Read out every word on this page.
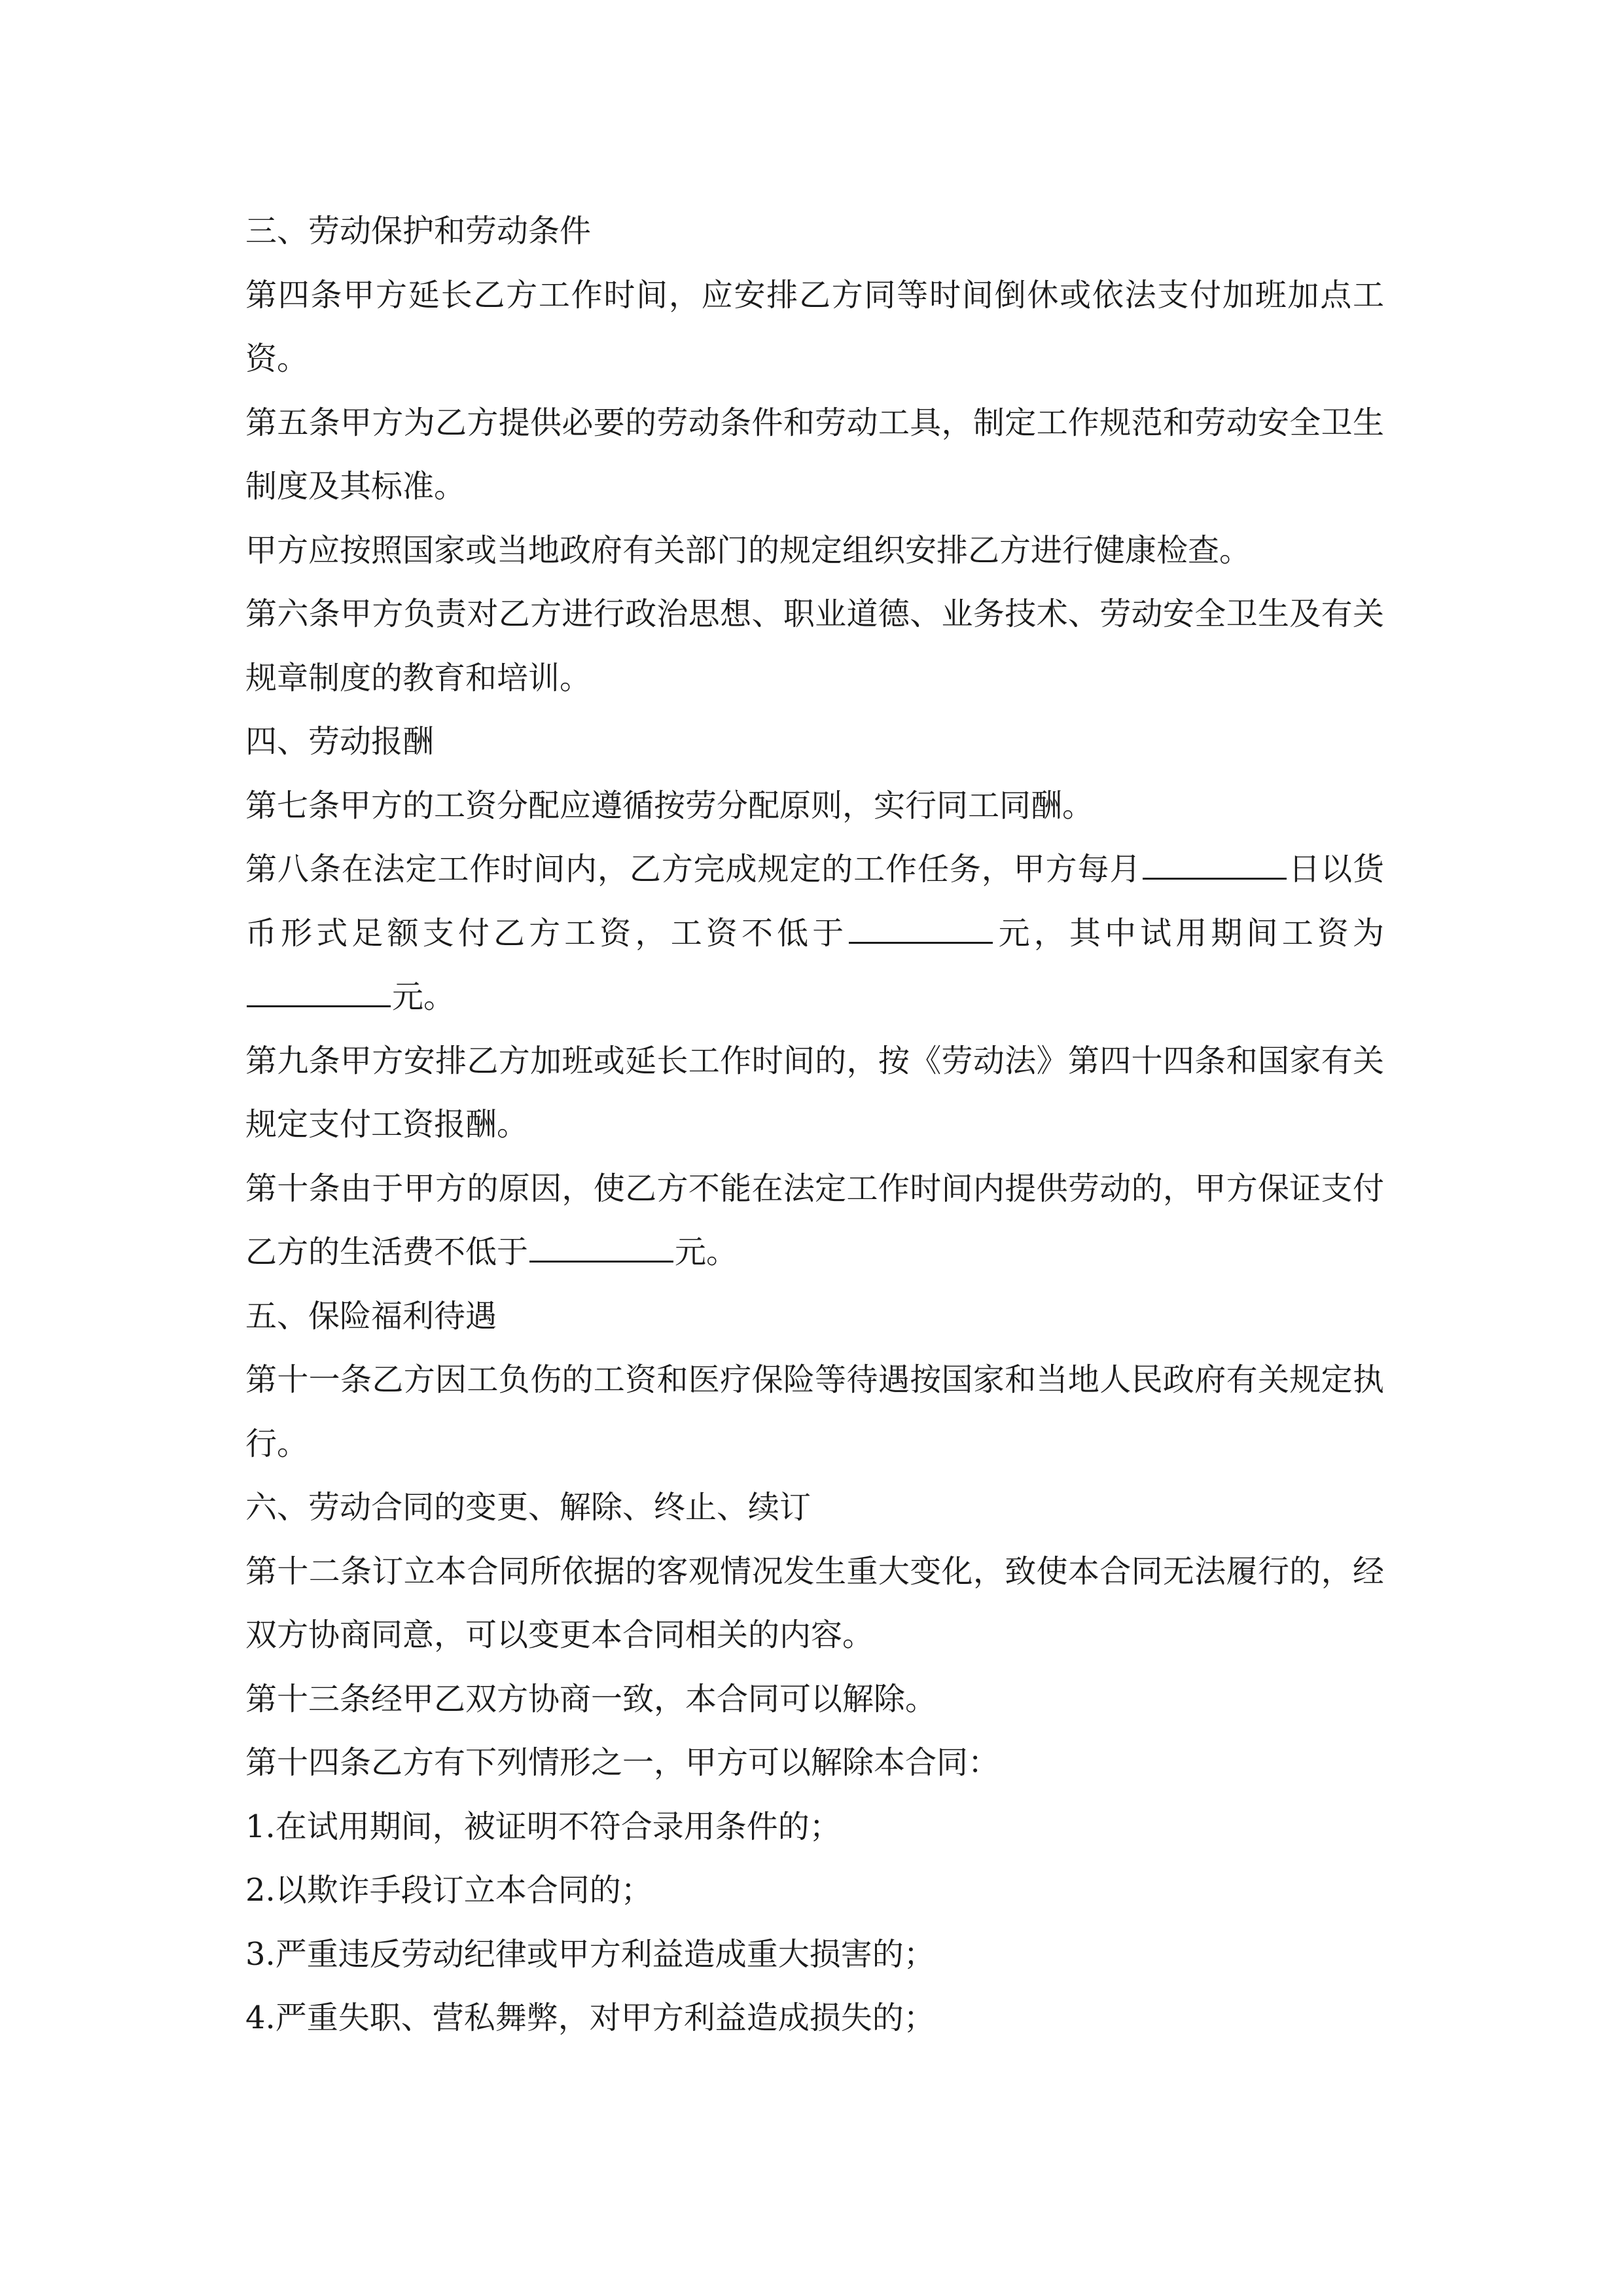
三、劳动保护和劳动条件

第四条甲方延长乙方工作时间，应安排乙方同等时间倒休或依法支付加班加点工资。

第五条甲方为乙方提供必要的劳动条件和劳动工具，制定工作规范和劳动安全卫生制度及其标准。

甲方应按照国家或当地政府有关部门的规定组织安排乙方进行健康检查。

第六条甲方负责对乙方进行政治思想、职业道德、业务技术、劳动安全卫生及有关规章制度的教育和培训。

四、劳动报酬

第七条甲方的工资分配应遵循按劳分配原则，实行同工同酬。

第八条在法定工作时间内，乙方完成规定的工作任务，甲方每月	日以货币形式足额支付乙方工资，工资不低于	元，其中试用期间工资为元。

第九条甲方安排乙方加班或延长工作时间的，按《劳动法》第四十四条和国家有关规定支付工资报酬。

第十条由于甲方的原因，使乙方不能在法定工作时间内提供劳动的，甲方保证支付乙方的生活费不低于	元。

五、保险福利待遇

第十一条乙方因工负伤的工资和医疗保险等待遇按国家和当地人民政府有关规定执行。

六、劳动合同的变更、解除、终止、续订

第十二条订立本合同所依据的客观情况发生重大变化，致使本合同无法履行的，经双方协商同意，可以变更本合同相关的内容。

第十三条经甲乙双方协商一致，本合同可以解除。

第十四条乙方有下列情形之一，甲方可以解除本合同：

1.在试用期间，被证明不符合录用条件的；

2.以欺诈手段订立本合同的；

3.严重违反劳动纪律或甲方利益造成重大损害的；

4.严重失职、营私舞弊，对甲方利益造成损失的；
